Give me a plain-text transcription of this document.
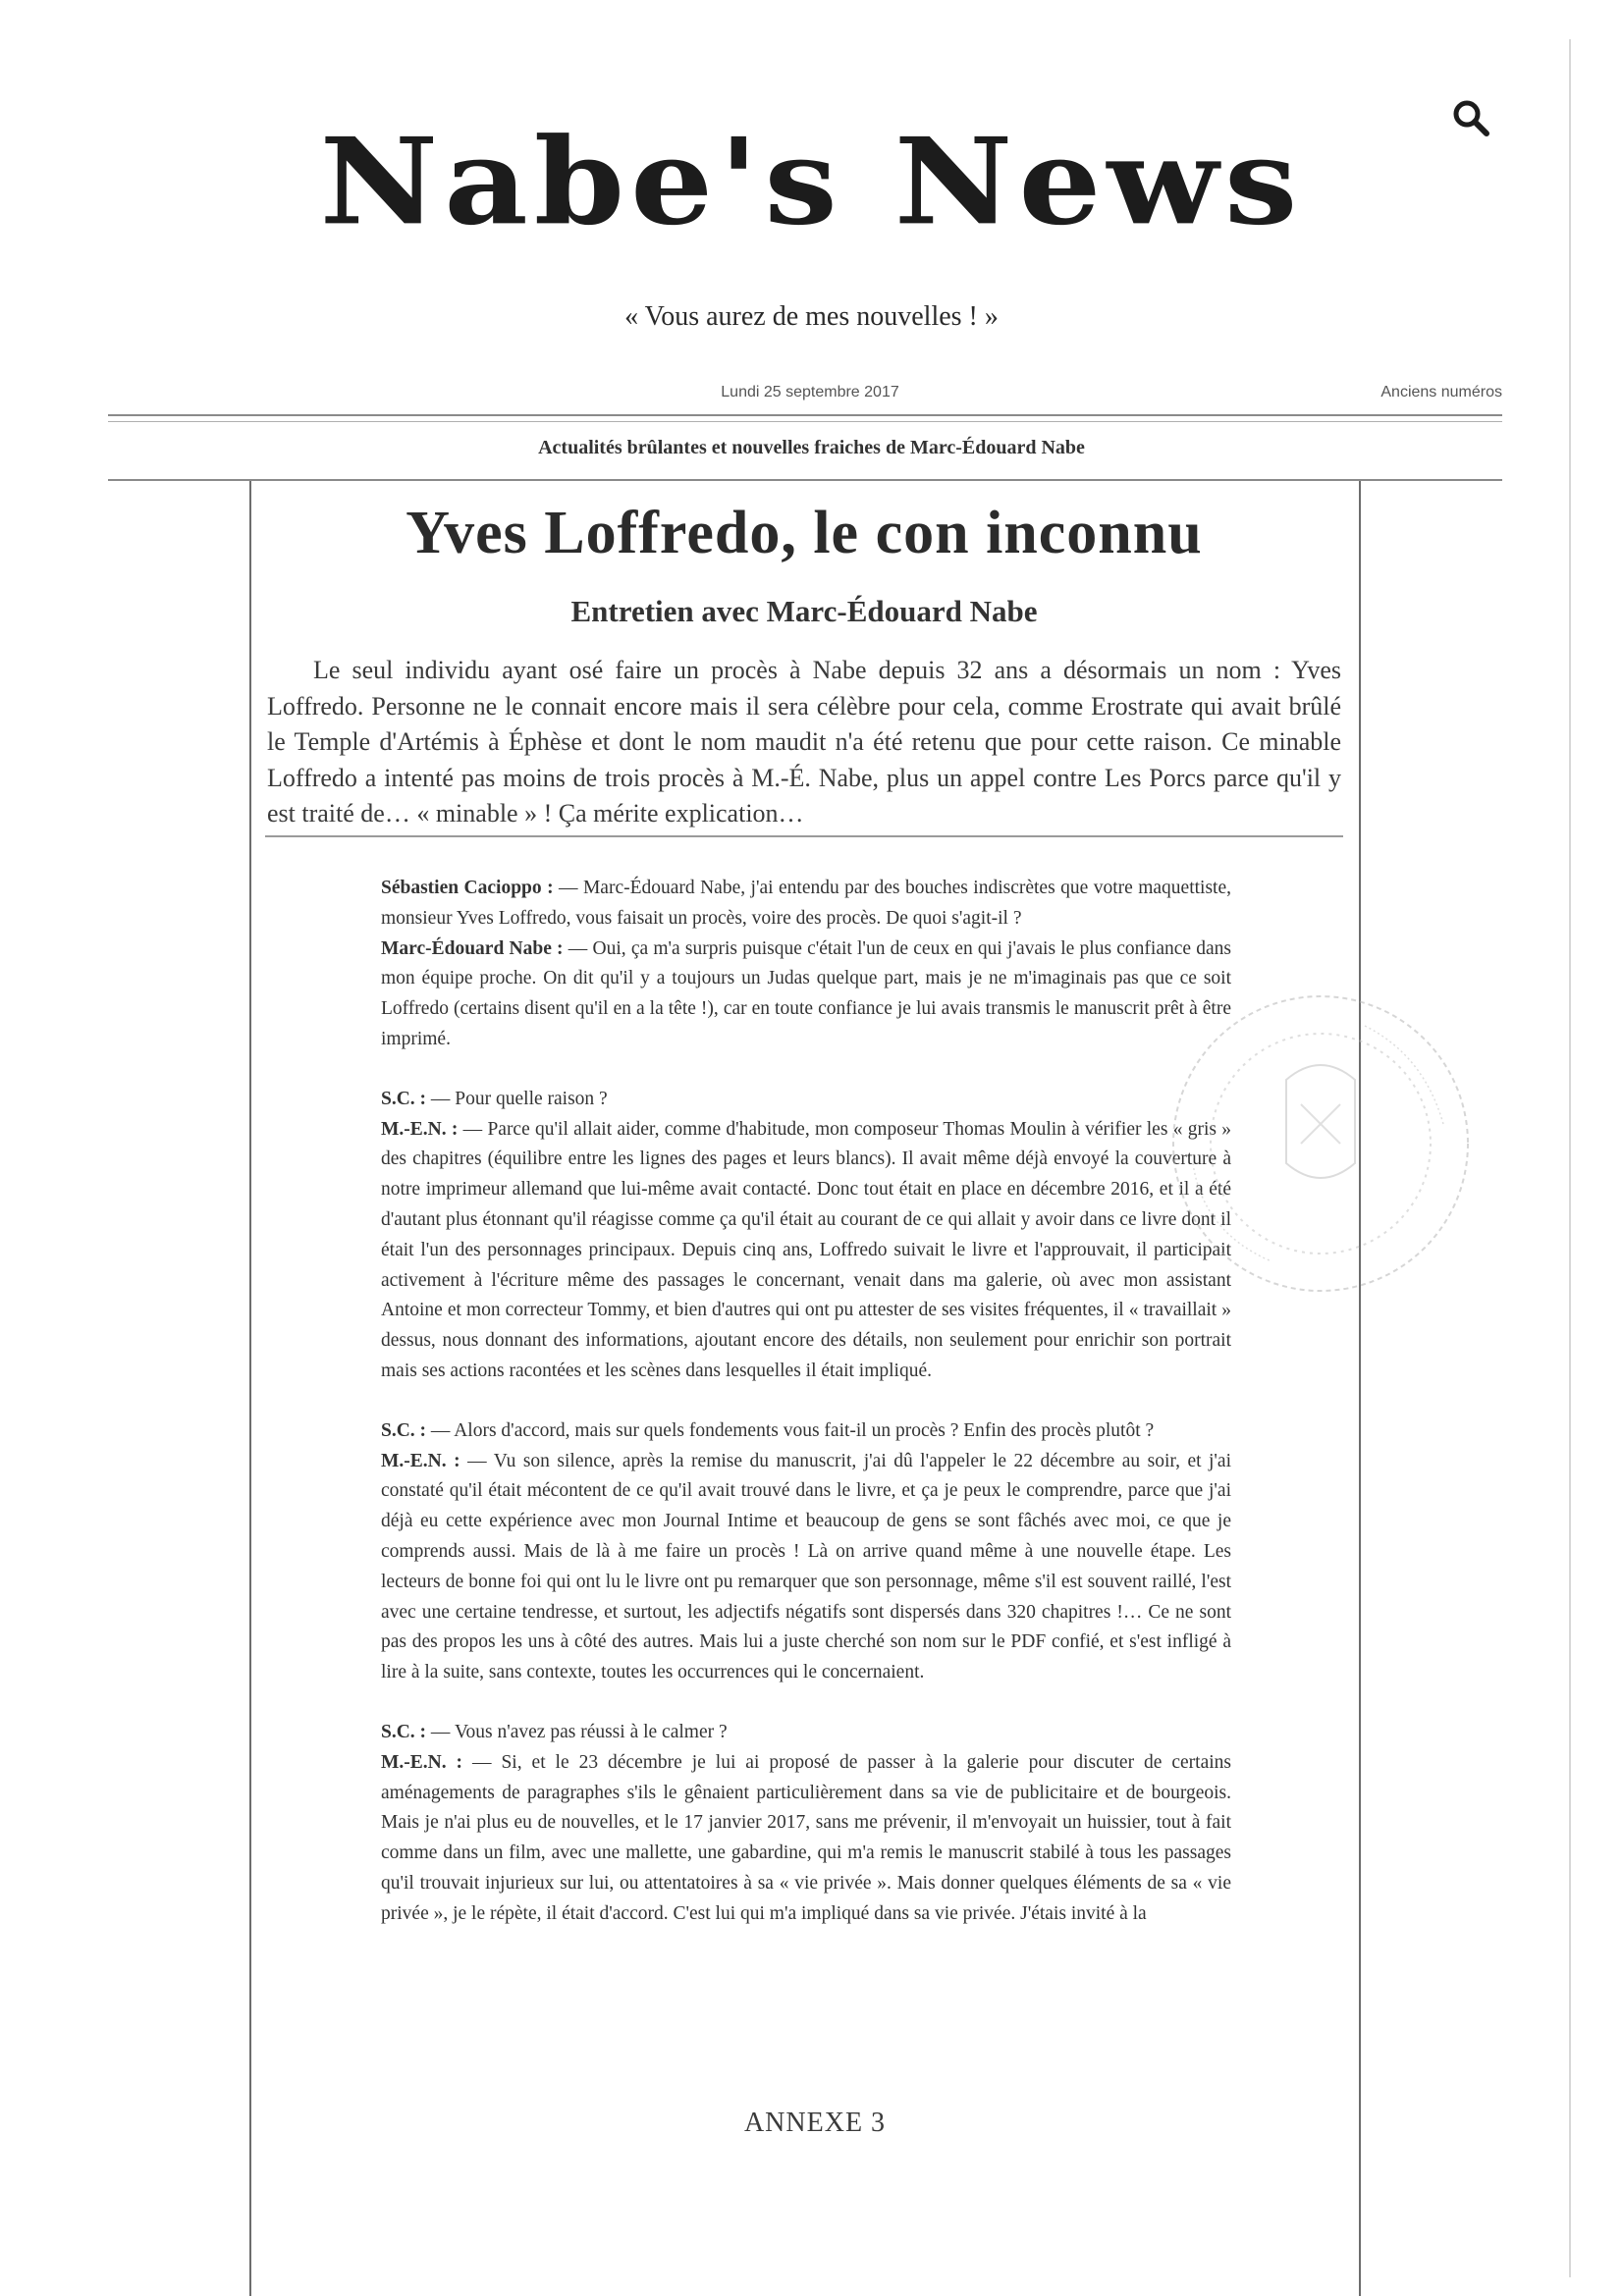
Nabe's News
« Vous aurez de mes nouvelles ! »
Lundi 25 septembre 2017	Anciens numéros
Actualités brûlantes et nouvelles fraiches de Marc-Édouard Nabe
Yves Loffredo, le con inconnu
Entretien avec Marc-Édouard Nabe

Le seul individu ayant osé faire un procès à Nabe depuis 32 ans a désormais un nom : Yves Loffredo. Personne ne le connait encore mais il sera célèbre pour cela, comme Erostrate qui avait brûlé le Temple d'Artémis à Éphèse et dont le nom maudit n'a été retenu que pour cette raison. Ce minable Loffredo a intenté pas moins de trois procès à M.-É. Nabe, plus un appel contre Les Porcs parce qu'il y est traité de… « minable » ! Ça mérite explication…

Sébastien Cacioppo : — Marc-Édouard Nabe, j'ai entendu par des bouches indiscrètes que votre maquettiste, monsieur Yves Loffredo, vous faisait un procès, voire des procès. De quoi s'agit-il ?

Marc-Édouard Nabe : — Oui, ça m'a surpris puisque c'était l'un de ceux en qui j'avais le plus confiance dans mon équipe proche. On dit qu'il y a toujours un Judas quelque part, mais je ne m'imaginais pas que ce soit Loffredo (certains disent qu'il en a la tête !), car en toute confiance je lui avais transmis le manuscrit prêt à être imprimé.

S.C. : — Pour quelle raison ?

M.-E.N. : — Parce qu'il allait aider, comme d'habitude, mon composeur Thomas Moulin à vérifier les « gris » des chapitres (équilibre entre les lignes des pages et leurs blancs). Il avait même déjà envoyé la couverture à notre imprimeur allemand que lui-même avait contacté. Donc tout était en place en décembre 2016, et il a été d'autant plus étonnant qu'il réagisse comme ça qu'il était au courant de ce qui allait y avoir dans ce livre dont il était l'un des personnages principaux. Depuis cinq ans, Loffredo suivait le livre et l'approuvait, il participait activement à l'écriture même des passages le concernant, venait dans ma galerie, où avec mon assistant Antoine et mon correcteur Tommy, et bien d'autres qui ont pu attester de ses visites fréquentes, il « travaillait » dessus, nous donnant des informations, ajoutant encore des détails, non seulement pour enrichir son portrait mais ses actions racontées et les scènes dans lesquelles il était impliqué.

S.C. : — Alors d'accord, mais sur quels fondements vous fait-il un procès ? Enfin des procès plutôt ?

M.-E.N. : — Vu son silence, après la remise du manuscrit, j'ai dû l'appeler le 22 décembre au soir, et j'ai constaté qu'il était mécontent de ce qu'il avait trouvé dans le livre, et ça je peux le comprendre, parce que j'ai déjà eu cette expérience avec mon Journal Intime et beaucoup de gens se sont fâchés avec moi, ce que je comprends aussi. Mais de là à me faire un procès ! Là on arrive quand même à une nouvelle étape. Les lecteurs de bonne foi qui ont lu le livre ont pu remarquer que son personnage, même s'il est souvent raillé, l'est avec une certaine tendresse, et surtout, les adjectifs négatifs sont dispersés dans 320 chapitres !… Ce ne sont pas des propos les uns à côté des autres. Mais lui a juste cherché son nom sur le PDF confié, et s'est infligé à lire à la suite, sans contexte, toutes les occurrences qui le concernaient.

S.C. : — Vous n'avez pas réussi à le calmer ?

M.-E.N. : — Si, et le 23 décembre je lui ai proposé de passer à la galerie pour discuter de certains aménagements de paragraphes s'ils le gênaient particulièrement dans sa vie de publicitaire et de bourgeois. Mais je n'ai plus eu de nouvelles, et le 17 janvier 2017, sans me prévenir, il m'envoyait un huissier, tout à fait comme dans un film, avec une mallette, une gabardine, qui m'a remis le manuscrit stabilé à tous les passages qu'il trouvait injurieux sur lui, ou attentatoires à sa « vie privée ». Mais donner quelques éléments de sa « vie privée », je le répète, il était d'accord. C'est lui qui m'a impliqué dans sa vie privée. J'étais invité à la

ANNEXE 3
